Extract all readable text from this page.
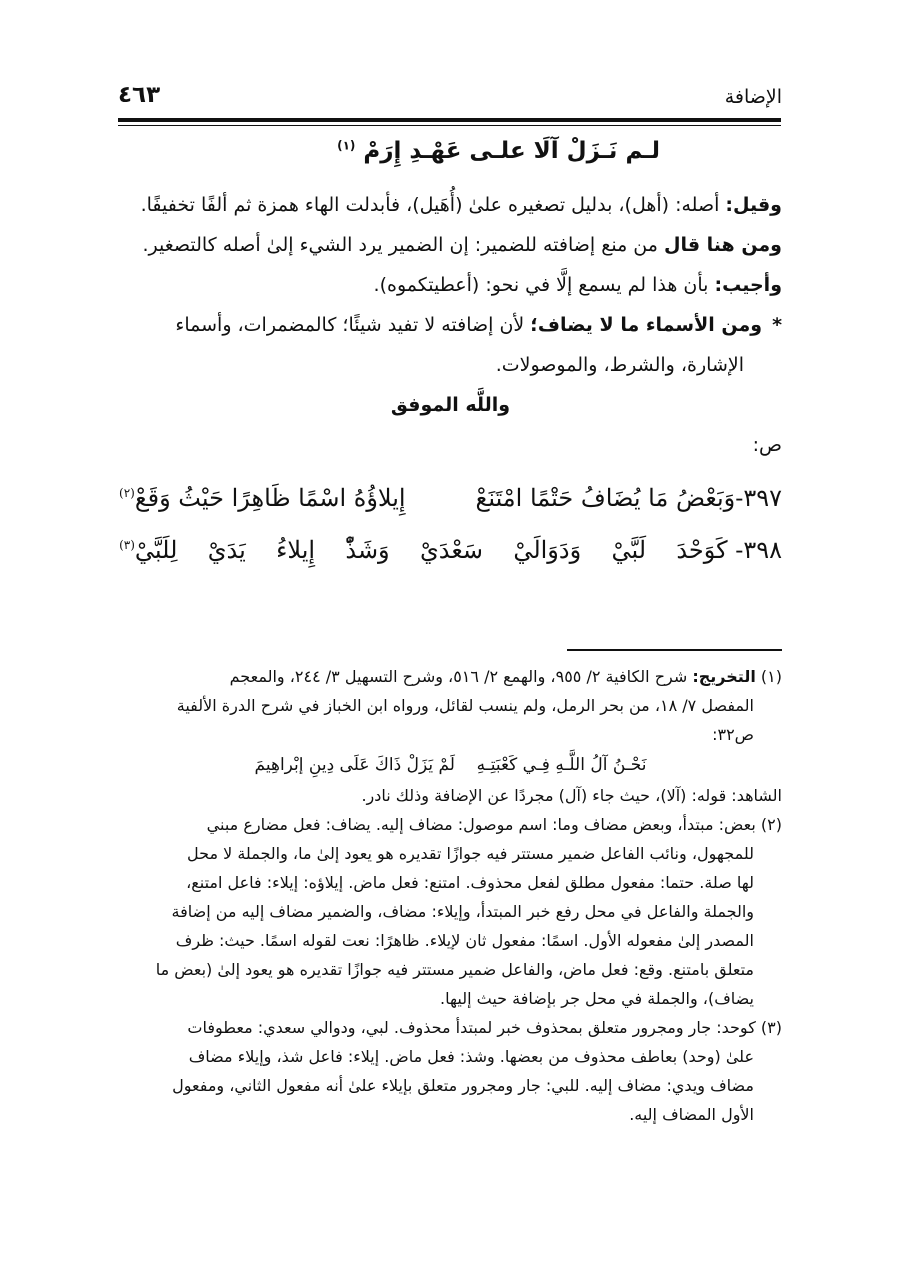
الإضافة
٤٦٣
لـم نَـزَلْ آلَا علـى عَهْـدِ إِرَمْ $^{(١)}$
وقيل: أصله: (أهل)، بدليل تصغيره علىٰ (أُهَيل)، فأبدلت الهاء همزة ثم ألفًا تخفيفًا.
ومن هنا قال من منع إضافته للضمير: إن الضمير يرد الشيء إلىٰ أصله كالتصغير.
وأجيب: بأن هذا لم يسمع إلَّا في نحو: (أعطيتكموه).
*ومن الأسماء ما لا يضاف؛ لأن إضافته لا تفيد شيئًا؛ كالمضمرات، وأسماء
الإشارة، والشرط، والموصولات.
واللَّه الموفق
ص:
٣٩٧-وَبَعْضُ مَا يُضَافُ حَتْمًا امْتَنَعْ
إِيلاؤُهُ اسْمًا ظَاهِرًا حَيْثُ وَقَعْ$^{(٢)}$
٣٩٨- كَوَحْدَ
لَبَّيْ
وَدَوَالَيْ
سَعْدَيْ
وَشَذّْ
إِيلاءُ
يَدَيْ
لِلَبَّيْ$^{(٣)}$
(١) التخريج: شرح الكافية ٢/ ٩٥٥، والهمع ٢/ ٥١٦، وشرح التسهيل ٣/ ٢٤٤، والمعجم
المفصل ٧/ ١٨، من بحر الرمل، ولم ينسب لقائل، ورواه ابن الخباز في شرح الدرة الألفية
ص٣٢:
نَحْـنُ آلُ اللَّـهِ فِـي كَعْبَتِـهِ    لَمْ يَزَلْ ذَاكَ عَلَى دِينِ إبْراهِيمَ
الشاهد: قوله: (آلا)، حيث جاء (آل) مجردًا عن الإضافة وذلك نادر.
(٢) بعض: مبتدأ، وبعض مضاف وما: اسم موصول: مضاف إليه. يضاف: فعل مضارع مبني
للمجهول، ونائب الفاعل ضمير مستتر فيه جوازًا تقديره هو يعود إلىٰ ما، والجملة لا محل
لها صلة. حتما: مفعول مطلق لفعل محذوف. امتنع: فعل ماض. إيلاؤه: إيلاء: فاعل امتنع،
والجملة والفاعل في محل رفع خبر المبتدأ، وإيلاء: مضاف، والضمير مضاف إليه من إضافة
المصدر إلىٰ مفعوله الأول. اسمًا: مفعول ثان لإيلاء. ظاهرًا: نعت لقوله اسمًا. حيث: ظرف
متعلق بامتنع. وقع: فعل ماض، والفاعل ضمير مستتر فيه جوازًا تقديره هو يعود إلىٰ (بعض ما
يضاف)، والجملة في محل جر بإضافة حيث إليها.
(٣) كوحد: جار ومجرور متعلق بمحذوف خبر لمبتدأ محذوف. لبي، ودوالي سعدي: معطوفات
علىٰ (وحد) بعاطف محذوف من بعضها. وشذ: فعل ماض. إيلاء: فاعل شذ، وإيلاء مضاف
مضاف ويدي: مضاف إليه. للبي: جار ومجرور متعلق بإيلاء علىٰ أنه مفعول الثاني، ومفعول
الأول المضاف إليه.
